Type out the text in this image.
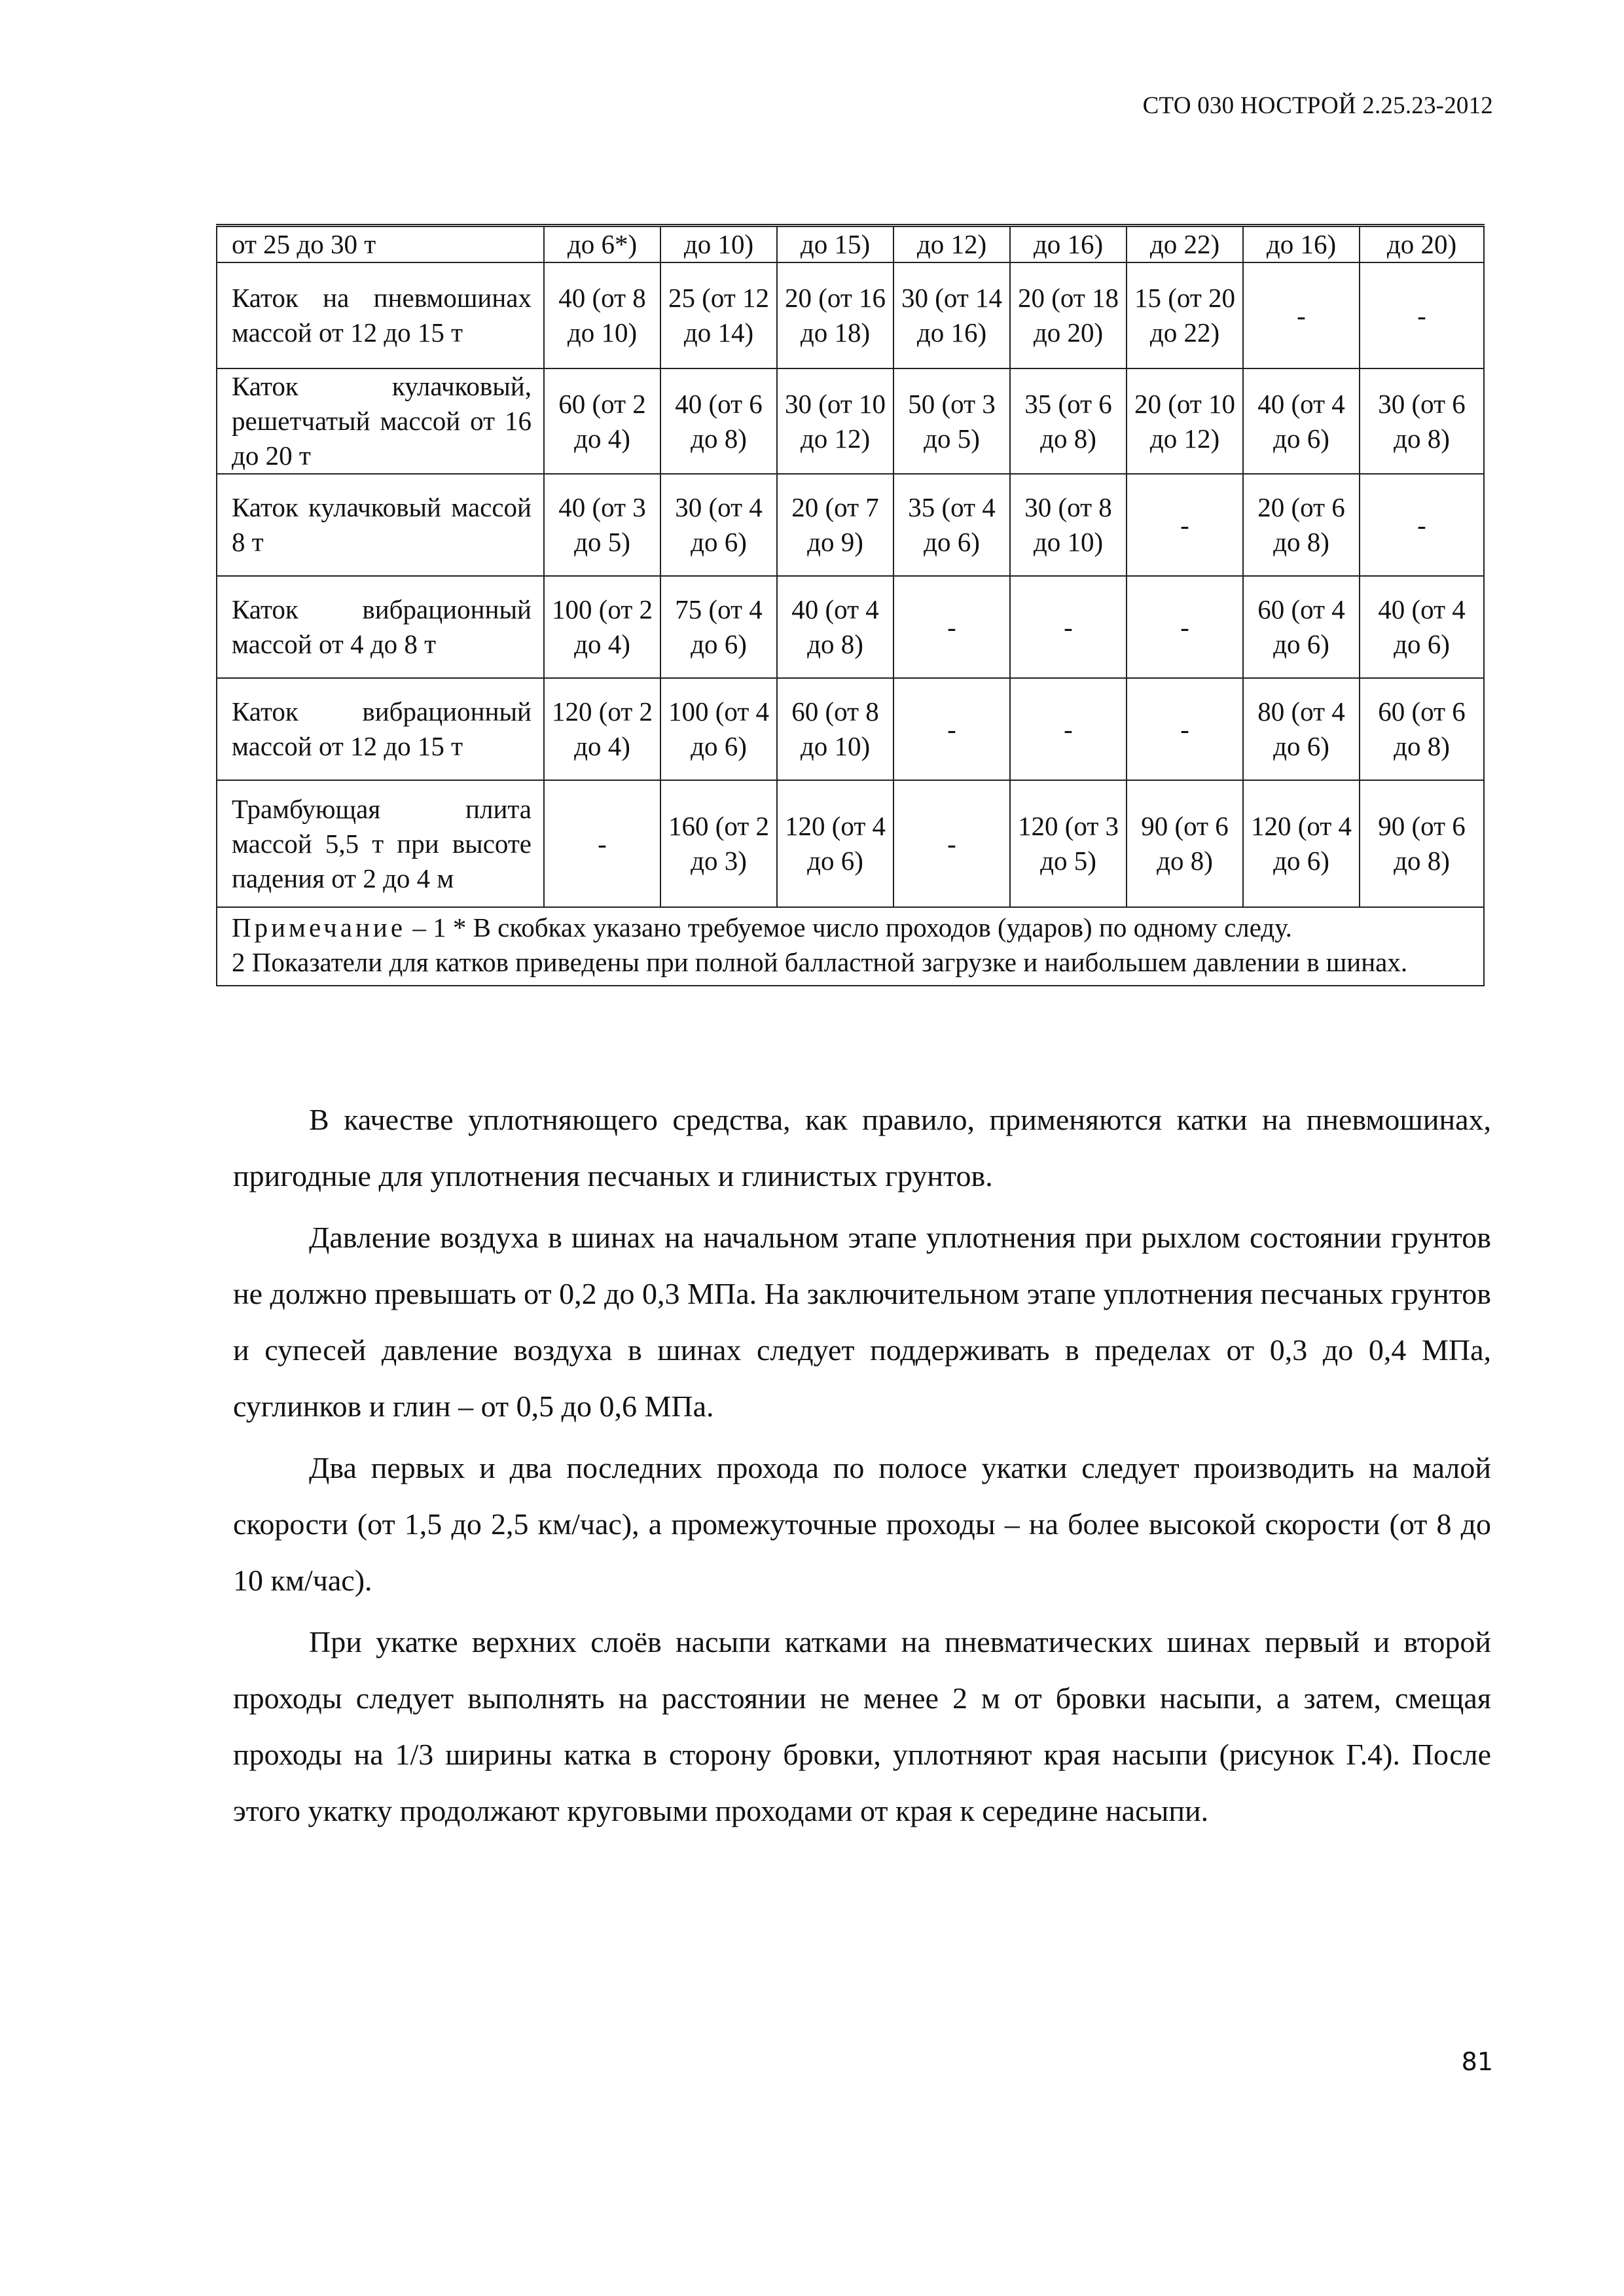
СТО 030 НОСТРОЙ 2.25.23-2012
от 25 до 30 т	до 6*)	до 10)	до 15)	до 12)	до 16)	до 22)	до 16)	до 20)
Каток на пневмошинах массой от 12 до 15 т	40 (от 8 до 10)	25 (от 12 до 14)	20 (от 16 до 18)	30 (от 14 до 16)	20 (от 18 до 20)	15 (от 20 до 22)	-	-
Каток кулачковый, решетчатый массой от 16 до 20 т	60 (от 2 до 4)	40 (от 6 до 8)	30 (от 10 до 12)	50 (от 3 до 5)	35 (от 6 до 8)	20 (от 10 до 12)	40 (от 4 до 6)	30 (от 6 до 8)
Каток кулачковый массой 8 т	40 (от 3 до 5)	30 (от 4 до 6)	20 (от 7 до 9)	35 (от 4 до 6)	30 (от 8 до 10)	-	20 (от 6 до 8)	-
Каток вибрационный массой от 4 до 8 т	100 (от 2 до 4)	75 (от 4 до 6)	40 (от 4 до 8)	-	-	-	60 (от 4 до 6)	40 (от 4 до 6)
Каток вибрационный массой от 12 до 15 т	120 (от 2 до 4)	100 (от 4 до 6)	60 (от 8 до 10)	-	-	-	80 (от 4 до 6)	60 (от 6 до 8)
Трамбующая плита массой 5,5 т при высоте падения от 2 до 4 м	-	160 (от 2 до 3)	120 (от 4 до 6)	-	120 (от 3 до 5)	90 (от 6 до 8)	120 (от 4 до 6)	90 (от 6 до 8)

Примечание – 1 * В скобках указано требуемое число проходов (ударов) по одному следу.
2 Показатели для катков приведены при полной балластной загрузке и наибольшем давлении в шинах.								

В качестве уплотняющего средства, как правило, применяются катки на пневмошинах, пригодные для уплотнения песчаных и глинистых грунтов.

Давление воздуха в шинах на начальном этапе уплотнения при рыхлом состоянии грунтов не должно превышать от 0,2 до 0,3 МПа. На заключительном этапе уплотнения песчаных грунтов и супесей давление воздуха в шинах следует поддерживать в пределах от 0,3 до 0,4 МПа, суглинков и глин – от 0,5 до 0,6 МПа.

Два первых и два последних прохода по полосе укатки следует производить на малой скорости (от 1,5 до 2,5 км/час), а промежуточные проходы – на более высокой скорости (от 8 до 10 км/час).

При укатке верхних слоёв насыпи катками на пневматических шинах первый и второй проходы следует выполнять на расстоянии не менее 2 м от бровки насыпи, а затем, смещая проходы на 1/3 ширины катка в сторону бровки, уплотняют края насыпи (рисунок Г.4). После этого укатку продолжают круговыми проходами от края к середине насыпи.

81
